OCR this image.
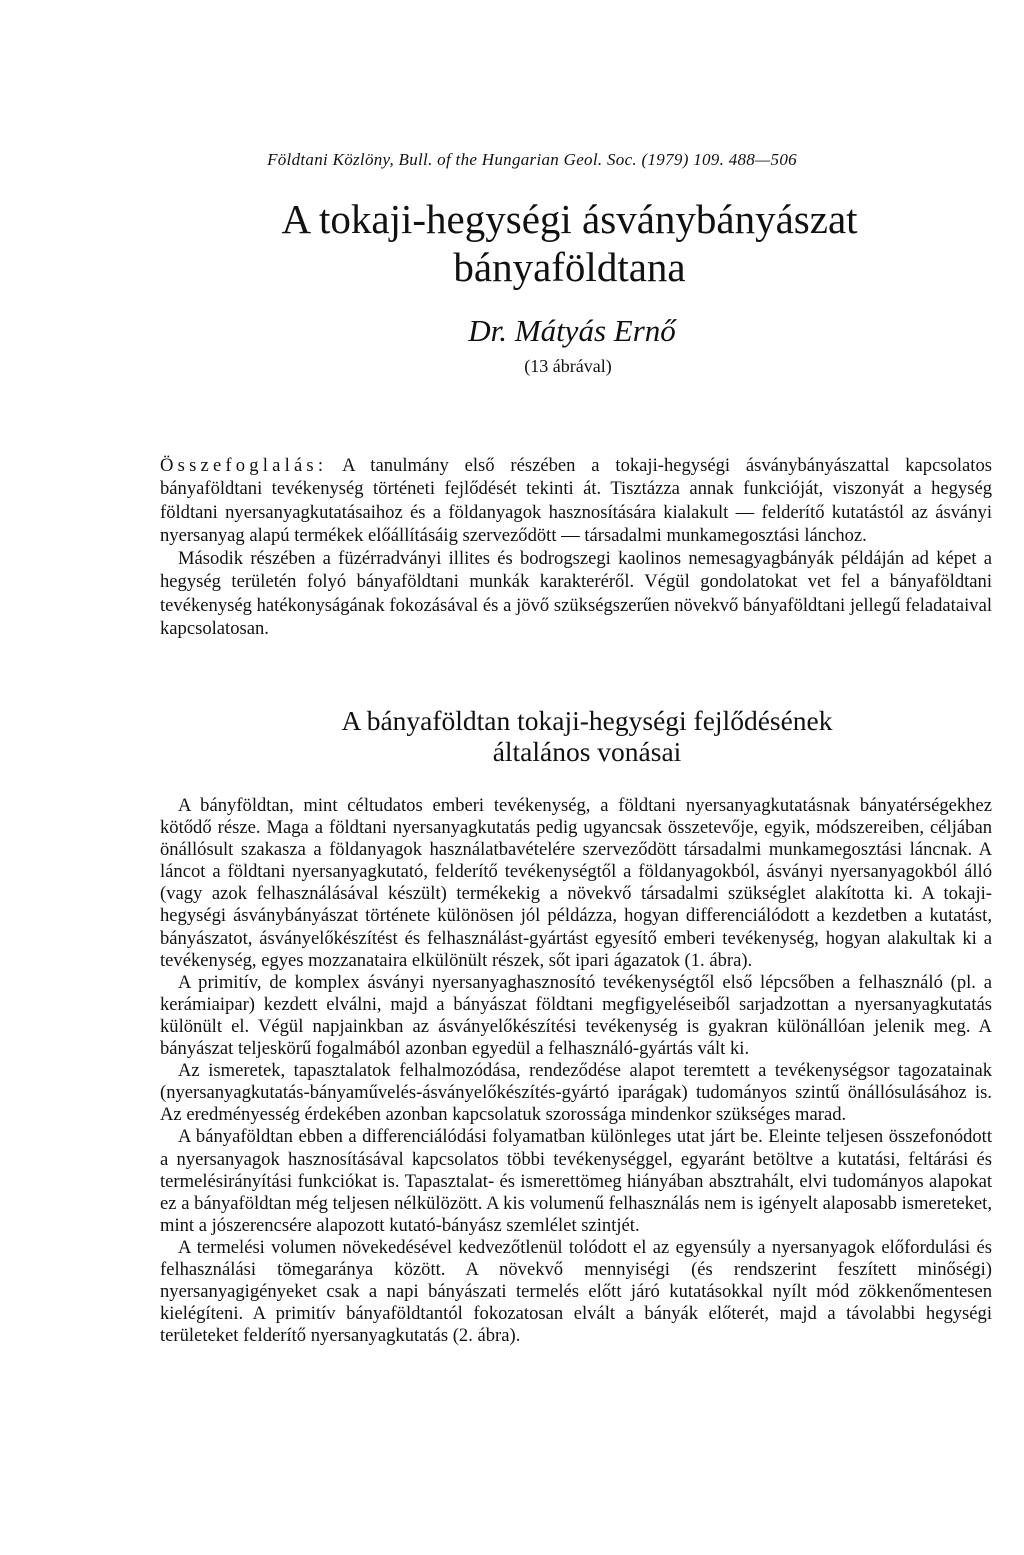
Földtani Közlöny, Bull. of the Hungarian Geol. Soc. (1979) 109. 488—506
A tokaji-hegységi ásványbányászat
bányaföldtana
Dr. Mátyás Ernő
(13 ábrával)

Összefoglalás: A tanulmány első részében a tokaji-hegységi ásványbányászattal kapcsolatos bányaföldtani tevékenység történeti fejlődését tekinti át. Tisztázza annak funkcióját, viszonyát a hegység földtani nyersanyagkutatásaihoz és a földanyagok hasznosítására kialakult — felderítő kutatástól az ásványi nyersanyag alapú termékek előállításáig szerveződött — társadalmi munkamegosztási lánchoz.

Második részében a füzérradványi illites és bodrogszegi kaolinos nemesagyagbányák példáján ad képet a hegység területén folyó bányaföldtani munkák karakteréről. Végül gondolatokat vet fel a bányaföldtani tevékenység hatékonyságának fokozásával és a jövő szükségszerűen növekvő bányaföldtani jellegű feladataival kapcsolatosan.

A bányaföldtan tokaji-hegységi fejlődésének
általános vonásai

A bányföldtan, mint céltudatos emberi tevékenység, a földtani nyersanyagkutatásnak bányatérségekhez kötődő része. Maga a földtani nyersanyagkutatás pedig ugyancsak összetevője, egyik, módszereiben, céljában önállósult szakasza a földanyagok használatbavételére szerveződött társadalmi munkamegosztási láncnak. A láncot a földtani nyersanyagkutató, felderítő tevékenységtől a földanyagokból, ásványi nyersanyagokból álló (vagy azok felhasználásával készült) termékekig a növekvő társadalmi szükséglet alakította ki. A tokaji-hegységi ásványbányászat története különösen jól példázza, hogyan differenciálódott a kezdetben a kutatást, bányászatot, ásványelőkészítést és felhasználást-gyártást egyesítő emberi tevékenység, hogyan alakultak ki a tevékenység, egyes mozzanataira elkülönült részek, sőt ipari ágazatok (1. ábra).

A primitív, de komplex ásványi nyersanyaghasznosító tevékenységtől első lépcsőben a felhasználó (pl. a kerámiaipar) kezdett elválni, majd a bányászat földtani megfigyeléseiből sarjadzottan a nyersanyagkutatás különült el. Végül napjainkban az ásványelőkészítési tevékenység is gyakran különállóan jelenik meg. A bányászat teljeskörű fogalmából azonban egyedül a felhasználó-gyártás vált ki.

Az ismeretek, tapasztalatok felhalmozódása, rendeződése alapot teremtett a tevékenységsor tagozatainak (nyersanyagkutatás-bányaművelés-ásványelőkészítés-gyártó iparágak) tudományos szintű önállósulásához is. Az eredményesség érdekében azonban kapcsolatuk szorossága mindenkor szükséges marad.

A bányaföldtan ebben a differenciálódási folyamatban különleges utat járt be. Eleinte teljesen összefonódott a nyersanyagok hasznosításával kapcsolatos többi tevékenységgel, egyaránt betöltve a kutatási, feltárási és termelésirányítási funkciókat is. Tapasztalat- és ismerettömeg hiányában absztrahált, elvi tudományos alapokat ez a bányaföldtan még teljesen nélkülözött. A kis volumenű felhasználás nem is igényelt alaposabb ismereteket, mint a jószerencsére alapozott kutató-bányász szemlélet szintjét.

A termelési volumen növekedésével kedvezőtlenül tolódott el az egyensúly a nyersanyagok előfordulási és felhasználási tömegaránya között. A növekvő mennyiségi (és rendszerint feszített minőségi) nyersanyagigényeket csak a napi bányászati termelés előtt járó kutatásokkal nyílt mód zökkenőmentesen kielégíteni. A primitív bányaföldtantól fokozatosan elvált a bányák előterét, majd a távolabbi hegységi területeket felderítő nyersanyagkutatás (2. ábra).
